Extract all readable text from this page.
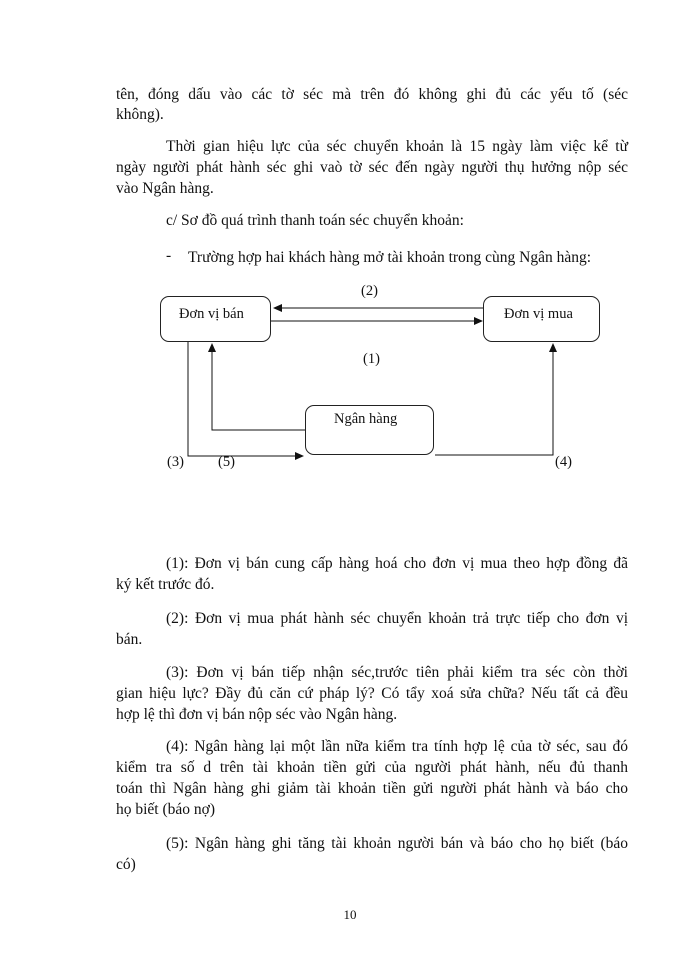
tên, đóng dấu vào các tờ séc mà trên đó không ghi đủ các yếu tố (séc
không).
Thời gian hiệu lực của séc chuyển khoản là 15 ngày làm việc kể từ
ngày người phát hành séc ghi vaò tờ séc đến ngày người thụ hưởng nộp séc
vào Ngân hàng.
c/ Sơ đồ quá trình thanh toán séc chuyển khoản:
- Trường hợp hai khách hàng mở tài khoản trong cùng Ngân hàng:
Đơn vị bán	Đơn vị mua
Ngân hàng
(2)
(1)
(3) (5)	(4)
(1): Đơn vị bán cung cấp hàng hoá cho đơn vị mua theo hợp đồng đã
ký kết trước đó.
(2): Đơn vị mua phát hành séc chuyển khoản trả trực tiếp cho đơn vị
bán.
(3): Đơn vị bán tiếp nhận séc,trước tiên phải kiểm tra séc còn thời
gian hiệu lực? Đầy đủ căn cứ pháp lý? Có tẩy xoá sửa chữa? Nếu tất cả đều
hợp lệ thì đơn vị bán nộp séc vào Ngân hàng.
(4): Ngân hàng lại một lần nữa kiểm tra tính hợp lệ của tờ séc, sau đó
kiểm tra số d trên tài khoản tiền gửi của người phát hành, nếu đủ thanh
toán thì Ngân hàng ghi giảm tài khoản tiền gửi người phát hành và báo cho
họ biết (báo nợ)
(5): Ngân hàng ghi tăng tài khoản người bán và báo cho họ biết (báo
có)
10
